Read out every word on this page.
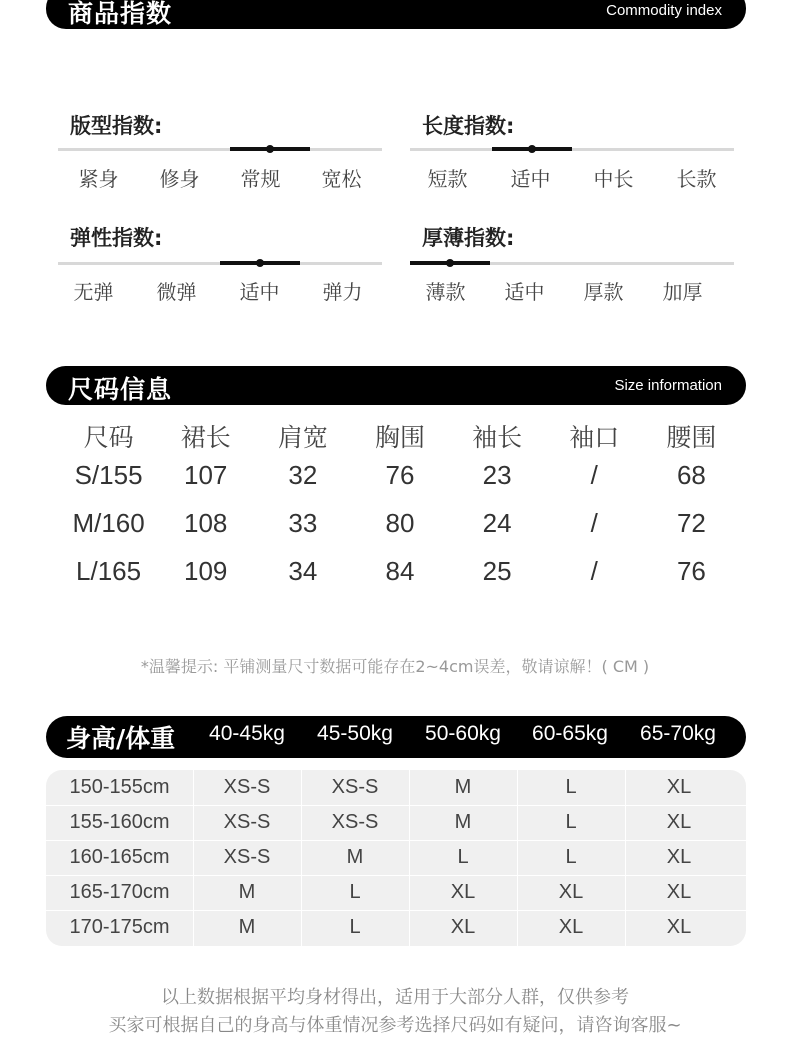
商品指数	Commodity index
版型指数:
紧身	修身	常规	宽松
长度指数:
短款	适中	中长	长款
弹性指数:
无弹	微弹	适中	弹力
厚薄指数:
薄款	适中	厚款	加厚
尺码信息	Size information
尺码	裙长	肩宽	胸围	袖长	袖口	腰围
S/155	107	32	76	23	/	68
M/160	108	33	80	24	/	72
L/165	109	34	84	25	/	76
*温馨提示: 平铺测量尺寸数据可能存在2~4cm误差，敬请谅解！( CM )
身高/体重	40-45kg	45-50kg	50-60kg	60-65kg	65-70kg
150-155cm	XS-S	XS-S	M	L	XL
155-160cm	XS-S	XS-S	M	L	XL
160-165cm	XS-S	M	L	L	XL
165-170cm	M	L	XL	XL	XL
170-175cm	M	L	XL	XL	XL
以上数据根据平均身材得出，适用于大部分人群，仅供参考
买家可根据自己的身高与体重情况参考选择尺码如有疑问，请咨询客服~
